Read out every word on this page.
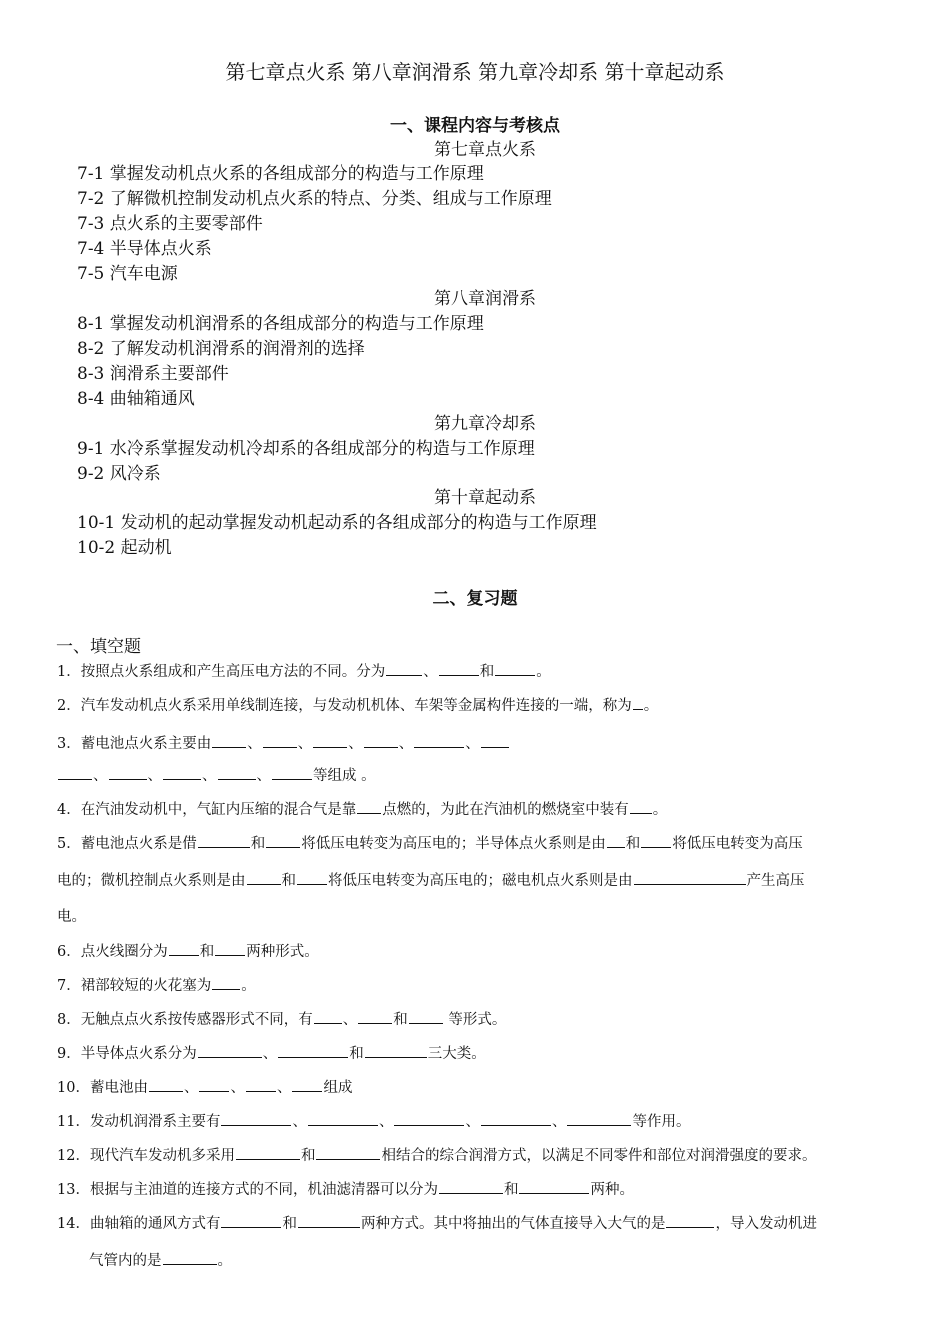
第七章点火系 第八章润滑系 第九章冷却系 第十章起动系
一、课程内容与考核点
第七章点火系
7-1 掌握发动机点火系的各组成部分的构造与工作原理
7-2 了解微机控制发动机点火系的特点、分类、组成与工作原理
7-3 点火系的主要零部件
7-4 半导体点火系
7-5 汽车电源
第八章润滑系
8-1 掌握发动机润滑系的各组成部分的构造与工作原理
8-2 了解发动机润滑系的润滑剂的选择
8-3 润滑系主要部件
8-4 曲轴箱通风
第九章冷却系
9-1 水冷系掌握发动机冷却系的各组成部分的构造与工作原理
9-2 风冷系
第十章起动系
10-1 发动机的起动掌握发动机起动系的各组成部分的构造与工作原理
10-2 起动机
二、复习题
一、填空题
1．按照点火系组成和产生高压电方法的不同。分为	、	和	。
2．汽车发动机点火系采用单线制连接，与发动机机体、车架等金属构件连接的一端，称为 。
3．蓄电池点火系主要由 、 、 、 、	、
、	、	、	、	等组成 。
4．在汽油发动机中，气缸内压缩的混合气是靠 点燃的，为此在汽油机的燃烧室中装有 。
5．蓄电池点火系是借	和 将低压电转变为高压电的；半导体点火系则是由 和 将低压电转变为高压
电的；微机控制点火系则是由 和 将低压电转变为高压电的；磁电机点火系则是由	产生高压
电。
6．点火线圈分为 和 两种形式。
7．裙部较短的火花塞为 。
8．无触点点火系按传感器形式不同，有 、 和 等形式。
9．半导体点火系分为	、	和	三大类。
10．蓄电池由 、 、 、 组成
11．发动机润滑系主要有	、	、	、	、	等作用。
12．现代汽车发动机多采用	和	相结合的综合润滑方式，以满足不同零件和部位对润滑强度的要求。
13．根据与主油道的连接方式的不同，机油滤清器可以分为	和	两种。
14．曲轴箱的通风方式有	和	两种方式。其中将抽出的气体直接导入大气的是	，导入发动机进
气管内的是	。
